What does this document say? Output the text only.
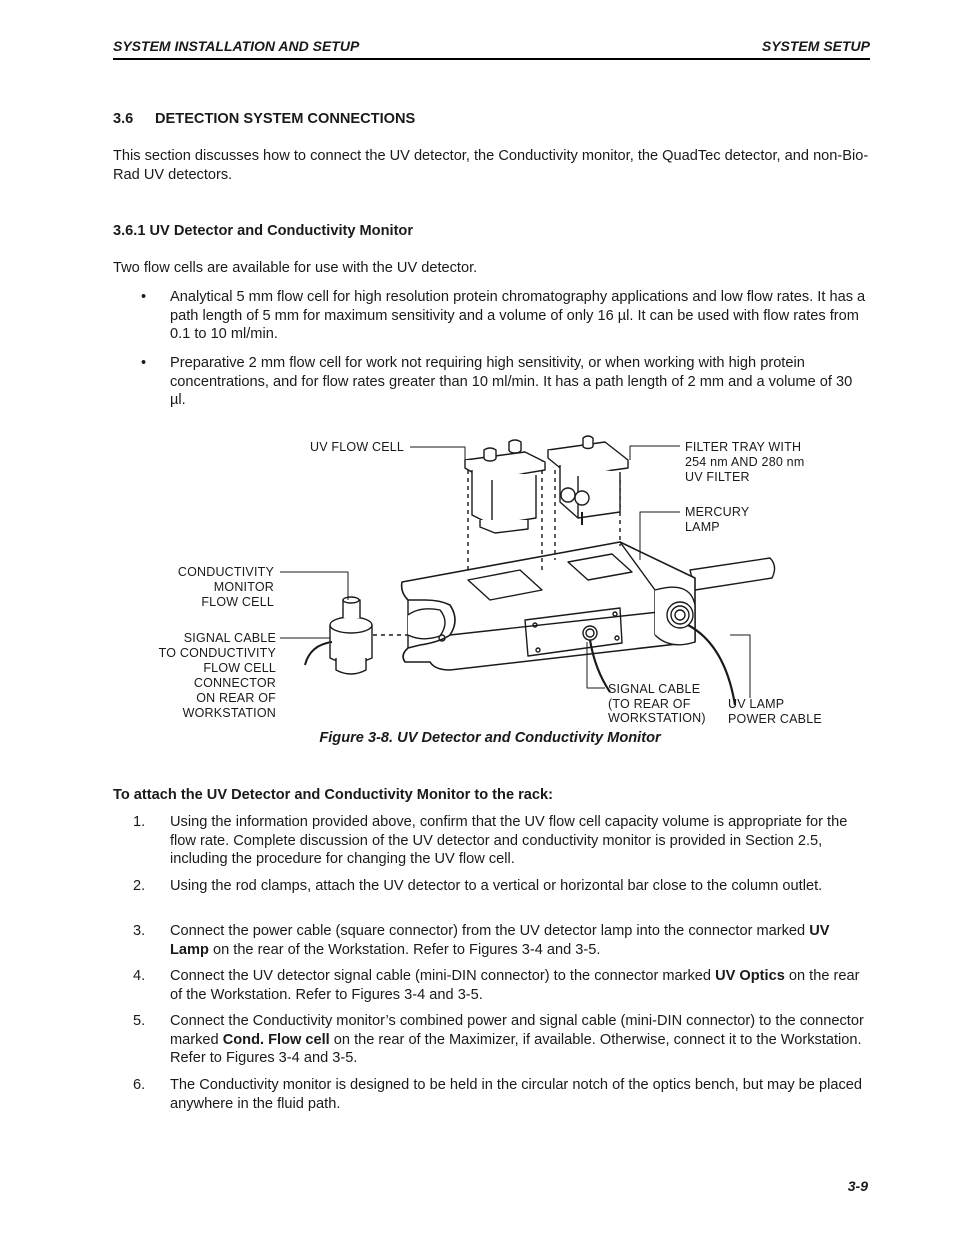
SYSTEM INSTALLATION AND SETUP	SYSTEM SETUP
3.6 DETECTION SYSTEM CONNECTIONS
This section discusses how to connect the UV detector, the Conductivity monitor, the QuadTec detector, and non-Bio-Rad UV detectors.
3.6.1 UV Detector and Conductivity Monitor
Two flow cells are available for use with the UV detector.
• Analytical 5 mm flow cell for high resolution protein chromatography applications and low flow rates. It has a path length of 5 mm for maximum sensitivity and a volume of only 16 µl. It can be used with flow rates from 0.1 to 10 ml/min.
• Preparative 2 mm flow cell for work not requiring high sensitivity, or when working with high protein concentrations, and for flow rates greater than 10 ml/min. It has a path length of 2 mm and a volume of 30 µl.
UV FLOW CELL	FILTER TRAY WITH
254 nm AND 280 nm
UV FILTER
MERCURY
LAMP
CONDUCTIVITY
MONITOR
FLOW CELL
SIGNAL CABLE
TO CONDUCTIVITY
FLOW CELL
CONNECTOR
ON REAR OF
WORKSTATION
SIGNAL CABLE
(TO REAR OF
WORKSTATION)
UV LAMP
POWER CABLE
Figure 3-8. UV Detector and Conductivity Monitor
To attach the UV Detector and Conductivity Monitor to the rack:
1. Using the information provided above, confirm that the UV flow cell capacity volume is appropriate for the flow rate. Complete discussion of the UV detector and conductivity monitor is provided in Section 2.5, including the procedure for changing the UV flow cell.
2. Using the rod clamps, attach the UV detector to a vertical or horizontal bar close to the column outlet.
3. Connect the power cable (square connector) from the UV detector lamp into the connector marked UV Lamp on the rear of the Workstation. Refer to Figures 3-4 and 3-5.
4. Connect the UV detector signal cable (mini-DIN connector) to the connector marked UV Optics on the rear of the Workstation. Refer to Figures 3-4 and 3-5.
5. Connect the Conductivity monitor’s combined power and signal cable (mini-DIN connector) to the connector marked Cond. Flow cell on the rear of the Maximizer, if available. Otherwise, connect it to the Workstation. Refer to Figures 3-4 and 3-5.
6. The Conductivity monitor is designed to be held in the circular notch of the optics bench, but may be placed anywhere in the fluid path.
3-9
